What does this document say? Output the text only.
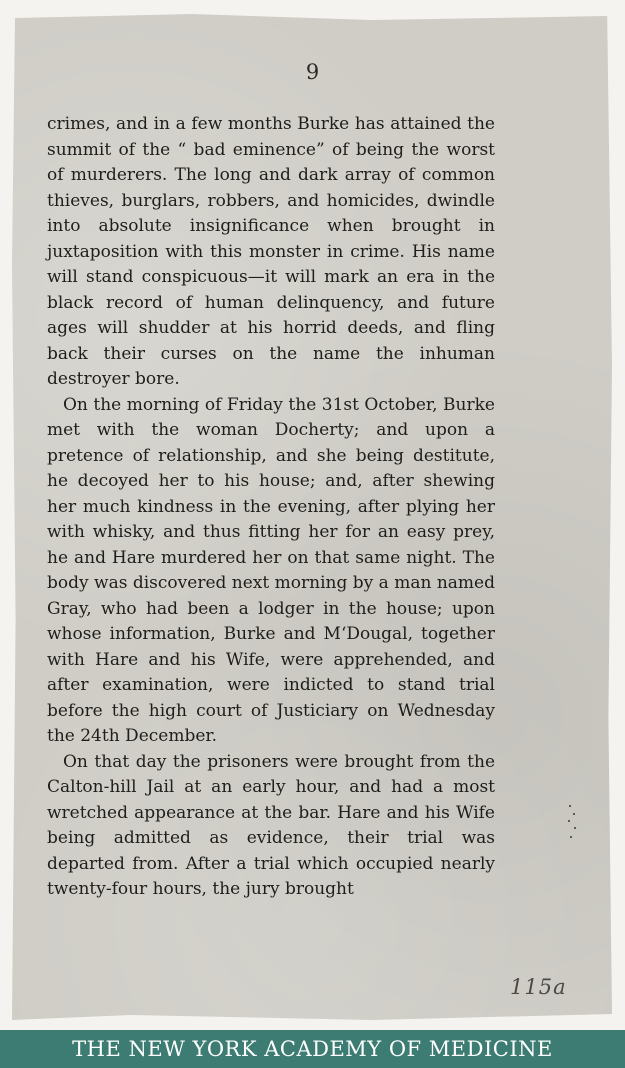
9

crimes, and in a few months Burke has attained the summit of the “ bad eminence” of being the worst of murderers. The long and dark array of common thieves, burglars, robbers, and homicides, dwindle into absolute insignificance when brought in juxtaposition with this monster in crime. His name will stand conspicuous—it will mark an era in the black record of human delinquency, and future ages will shudder at his horrid deeds, and fling back their curses on the name the inhuman destroyer bore.

On the morning of Friday the 31st October, Burke met with the woman Docherty; and upon a pretence of relationship, and she being destitute, he decoyed her to his house; and, after shewing her much kindness in the evening, after plying her with whisky, and thus fitting her for an easy prey, he and Hare murdered her on that same night. The body was discovered next morning by a man named Gray, who had been a lodger in the house; upon whose information, Burke and M‘Dougal, together with Hare and his Wife, were apprehended, and after examination, were indicted to stand trial before the high court of Justiciary on Wednesday the 24th December.

On that day the prisoners were brought from the Calton-hill Jail at an early hour, and had a most wretched appearance at the bar. Hare and his Wife being admitted as evidence, their trial was departed from. After a trial which occupied nearly twenty-four hours, the jury brought

115a
THE NEW YORK ACADEMY OF MEDICINE
